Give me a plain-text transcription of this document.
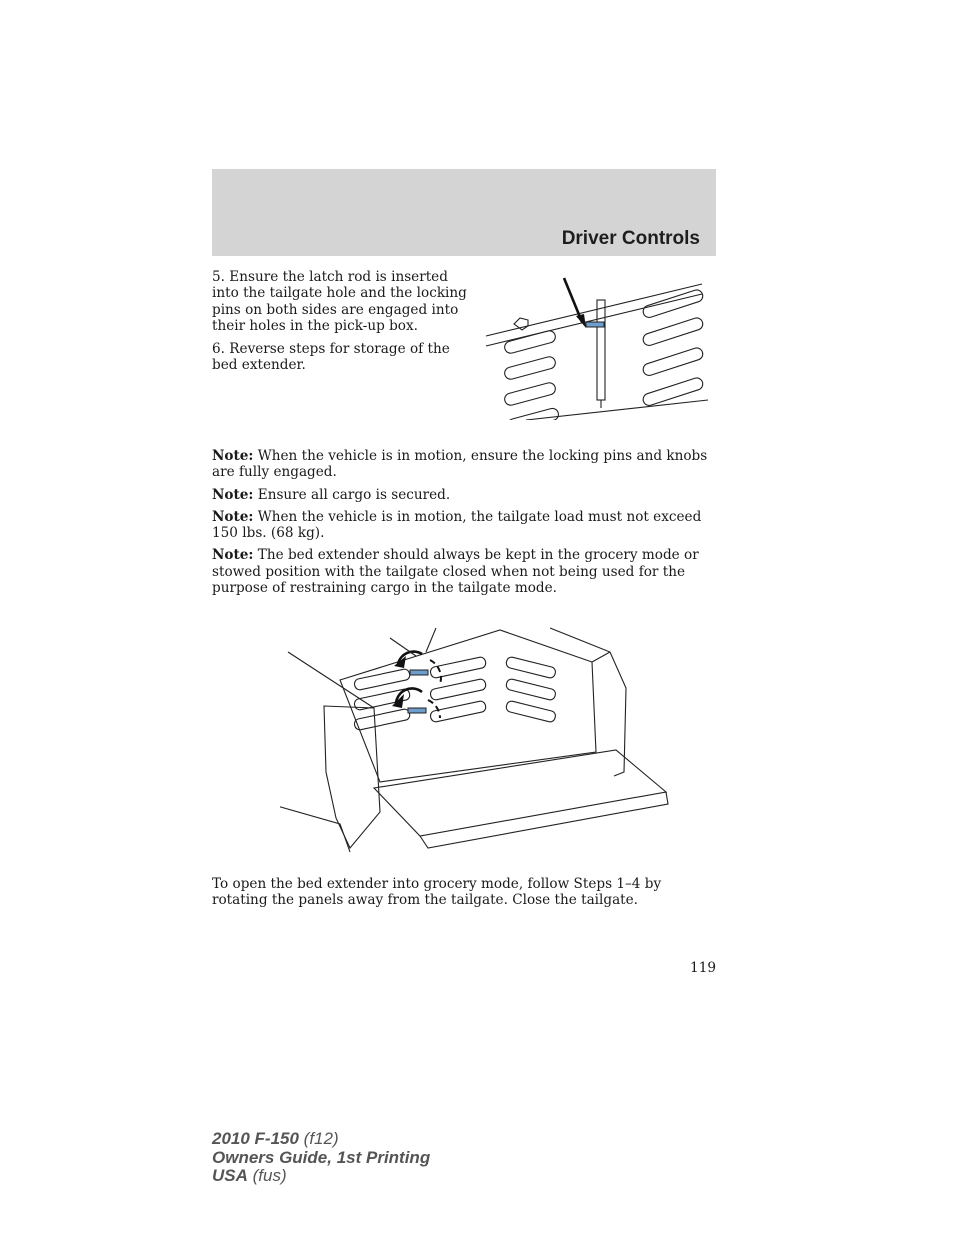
Driver Controls

5. Ensure the latch rod is inserted into the tailgate hole and the locking pins on both sides are engaged into their holes in the pick-up box.

6. Reverse steps for storage of the bed extender.

Note: When the vehicle is in motion, ensure the locking pins and knobs are fully engaged.

Note: Ensure all cargo is secured.

Note: When the vehicle is in motion, the tailgate load must not exceed 150 lbs. (68 kg).

Note: The bed extender should always be kept in the grocery mode or stowed position with the tailgate closed when not being used for the purpose of restraining cargo in the tailgate mode.

To open the bed extender into grocery mode, follow Steps 1–4 by rotating the panels away from the tailgate. Close the tailgate.
119
2010 F-150 (f12)
Owners Guide, 1st Printing
USA (fus)
